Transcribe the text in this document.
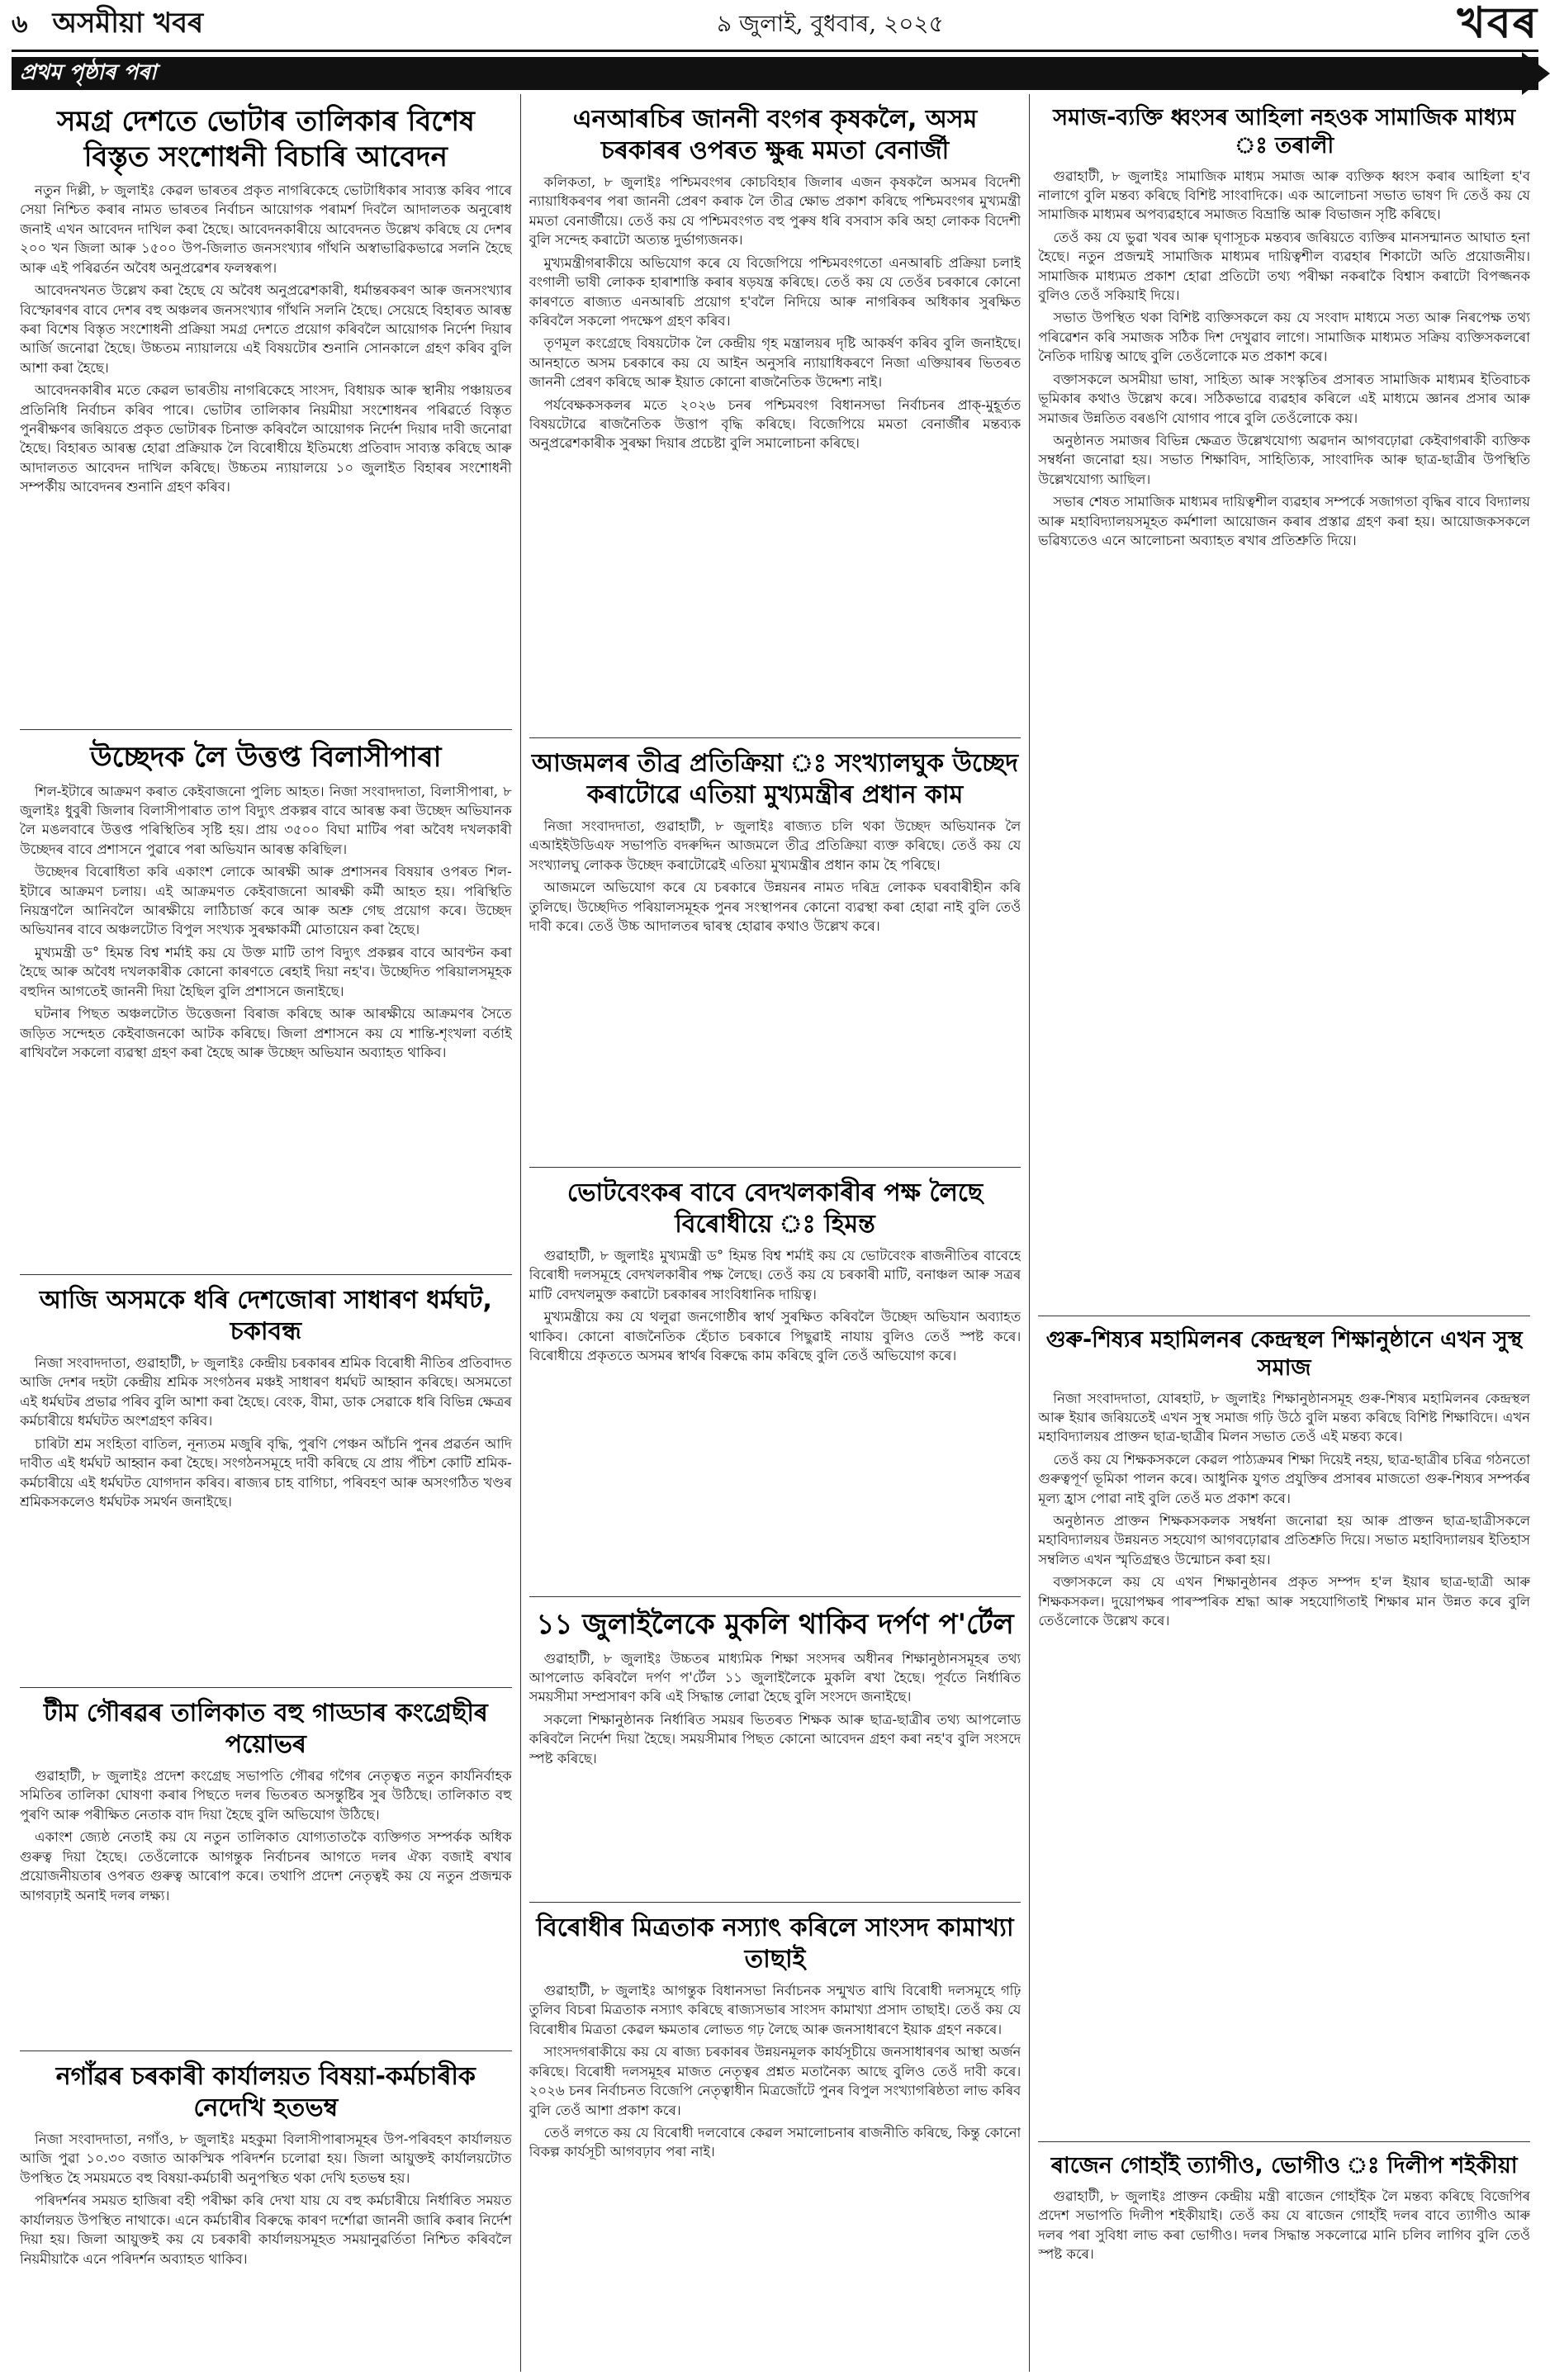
৬ অসমীয়া খবৰ	৯ জুলাই, বুধবাৰ, ২০২৫	খবৰ
প্ৰথম পৃষ্ঠাৰ পৰা
সমগ্ৰ দেশতে ভোটাৰ তালিকাৰ বিশেষ বিস্তৃত সংশোধনী বিচাৰি আবেদন

নতুন দিল্লী, ৮ জুলাইঃ কেৱল ভাৰতৰ প্ৰকৃত নাগৰিকেহে ভোটাধিকাৰ সাব্যস্ত কৰিব পাৰে সেয়া নিশ্চিত কৰাৰ নামত ভাৰতৰ নিৰ্বাচন আয়োগক পৰামৰ্শ দিবলৈ আদালতক অনুৰোধ জনাই এখন আবেদন দাখিল কৰা হৈছে। আবেদনকাৰীয়ে আবেদনত উল্লেখ কৰিছে যে দেশৰ ২০০ খন জিলা আৰু ১৫০০ উপ-জিলাত জনসংখ্যাৰ গাঁথনি অস্বাভাৱিকভাৱে সলনি হৈছে আৰু এই পৰিৱৰ্তন অবৈধ অনুপ্ৰৱেশৰ ফলস্বৰূপ।

আবেদনখনত উল্লেখ কৰা হৈছে যে অবৈধ অনুপ্ৰৱেশকাৰী, ধৰ্মান্তৰকৰণ আৰু জনসংখ্যাৰ বিস্ফোৰণৰ বাবে দেশৰ বহু অঞ্চলৰ জনসংখ্যাৰ গাঁথনি সলনি হৈছে। সেয়েহে বিহাৰত আৰম্ভ কৰা বিশেষ বিস্তৃত সংশোধনী প্ৰক্ৰিয়া সমগ্ৰ দেশতে প্ৰয়োগ কৰিবলৈ আয়োগক নিৰ্দেশ দিয়াৰ আৰ্জি জনোৱা হৈছে। উচ্চতম ন্যায়ালয়ে এই বিষয়টোৰ শুনানি সোনকালে গ্ৰহণ কৰিব বুলি আশা কৰা হৈছে।

আবেদনকাৰীৰ মতে কেৱল ভাৰতীয় নাগৰিকেহে সাংসদ, বিধায়ক আৰু স্থানীয় পঞ্চায়তৰ প্ৰতিনিধি নিৰ্বাচন কৰিব পাৰে। ভোটাৰ তালিকাৰ নিয়মীয়া সংশোধনৰ পৰিৱৰ্তে বিস্তৃত পুনৰীক্ষণৰ জৰিয়তে প্ৰকৃত ভোটাৰক চিনাক্ত কৰিবলৈ আয়োগক নিৰ্দেশ দিয়াৰ দাবী জনোৱা হৈছে। বিহাৰত আৰম্ভ হোৱা প্ৰক্ৰিয়াক লৈ বিৰোধীয়ে ইতিমধ্যে প্ৰতিবাদ সাব্যস্ত কৰিছে আৰু আদালতত আবেদন দাখিল কৰিছে। উচ্চতম ন্যায়ালয়ে ১০ জুলাইত বিহাৰৰ সংশোধনী সম্পৰ্কীয় আবেদনৰ শুনানি গ্ৰহণ কৰিব।

উচ্ছেদক লৈ উত্তপ্ত বিলাসীপাৰা

শিল-ইটাৰে আক্ৰমণ কৰাত কেইবাজনো পুলিচ আহত। নিজা সংবাদদাতা, বিলাসীপাৰা, ৮ জুলাইঃ ধুবুৰী জিলাৰ বিলাসীপাৰাত তাপ বিদ্যুৎ প্ৰকল্পৰ বাবে আৰম্ভ কৰা উচ্ছেদ অভিযানক লৈ মঙলবাৰে উত্তপ্ত পৰিস্থিতিৰ সৃষ্টি হয়। প্ৰায় ৩৫০০ বিঘা মাটিৰ পৰা অবৈধ দখলকাৰী উচ্ছেদৰ বাবে প্ৰশাসনে পুৱাৰে পৰা অভিযান আৰম্ভ কৰিছিল।

উচ্ছেদৰ বিৰোধিতা কৰি একাংশ লোকে আৰক্ষী আৰু প্ৰশাসনৰ বিষয়াৰ ওপৰত শিল-ইটাৰে আক্ৰমণ চলায়। এই আক্ৰমণত কেইবাজনো আৰক্ষী কৰ্মী আহত হয়। পৰিস্থিতি নিয়ন্ত্ৰণলৈ আনিবলৈ আৰক্ষীয়ে লাঠিচাৰ্জ কৰে আৰু অশ্ৰু গেছ প্ৰয়োগ কৰে। উচ্ছেদ অভিযানৰ বাবে অঞ্চলটোত বিপুল সংখ্যক সুৰক্ষাকৰ্মী মোতায়েন কৰা হৈছে।

মুখ্যমন্ত্ৰী ড° হিমন্ত বিশ্ব শৰ্মাই কয় যে উক্ত মাটি তাপ বিদ্যুৎ প্ৰকল্পৰ বাবে আবণ্টন কৰা হৈছে আৰু অবৈধ দখলকাৰীক কোনো কাৰণতে ৰেহাই দিয়া নহ'ব। উচ্ছেদিত পৰিয়ালসমূহক বহুদিন আগতেই জাননী দিয়া হৈছিল বুলি প্ৰশাসনে জনাইছে।

ঘটনাৰ পিছত অঞ্চলটোত উত্তেজনা বিৰাজ কৰিছে আৰু আৰক্ষীয়ে আক্ৰমণৰ সৈতে জড়িত সন্দেহত কেইবাজনকো আটক কৰিছে। জিলা প্ৰশাসনে কয় যে শান্তি-শৃংখলা বৰ্তাই ৰাখিবলৈ সকলো ব্যৱস্থা গ্ৰহণ কৰা হৈছে আৰু উচ্ছেদ অভিযান অব্যাহত থাকিব।

আজি অসমকে ধৰি দেশজোৰা সাধাৰণ ধৰ্মঘট, চকাবন্ধ

নিজা সংবাদদাতা, গুৱাহাটী, ৮ জুলাইঃ কেন্দ্ৰীয় চৰকাৰৰ শ্ৰমিক বিৰোধী নীতিৰ প্ৰতিবাদত আজি দেশৰ দহটা কেন্দ্ৰীয় শ্ৰমিক সংগঠনৰ মঞ্চই সাধাৰণ ধৰ্মঘট আহ্বান কৰিছে। অসমতো এই ধৰ্মঘটৰ প্ৰভাৱ পৰিব বুলি আশা কৰা হৈছে। বেংক, বীমা, ডাক সেৱাকে ধৰি বিভিন্ন ক্ষেত্ৰৰ কৰ্মচাৰীয়ে ধৰ্মঘটত অংশগ্ৰহণ কৰিব।

চাৰিটা শ্ৰম সংহিতা বাতিল, নূন্যতম মজুৰি বৃদ্ধি, পুৰণি পেঞ্চন আঁচনি পুনৰ প্ৰৱৰ্তন আদি দাবীত এই ধৰ্মঘট আহ্বান কৰা হৈছে। সংগঠনসমূহে দাবী কৰিছে যে প্ৰায় পঁচিশ কোটি শ্ৰমিক-কৰ্মচাৰীয়ে এই ধৰ্মঘটত যোগদান কৰিব। ৰাজ্যৰ চাহ বাগিচা, পৰিবহণ আৰু অসংগঠিত খণ্ডৰ শ্ৰমিকসকলেও ধৰ্মঘটক সমৰ্থন জনাইছে।

টীম গৌৰৱৰ তালিকাত বহু গাড্ডাৰ কংগ্ৰেছীৰ পয়োভৰ

গুৱাহাটী, ৮ জুলাইঃ প্ৰদেশ কংগ্ৰেছ সভাপতি গৌৰৱ গগৈৰ নেতৃত্বত নতুন কাৰ্যনিৰ্বাহক সমিতিৰ তালিকা ঘোষণা কৰাৰ পিছতে দলৰ ভিতৰত অসন্তুষ্টিৰ সুৰ উঠিছে। তালিকাত বহু পুৰণি আৰু পৰীক্ষিত নেতাক বাদ দিয়া হৈছে বুলি অভিযোগ উঠিছে।

একাংশ জ্যেষ্ঠ নেতাই কয় যে নতুন তালিকাত যোগ্যতাতকৈ ব্যক্তিগত সম্পৰ্কক অধিক গুৰুত্ব দিয়া হৈছে। তেওঁলোকে আগন্তুক নিৰ্বাচনৰ আগতে দলৰ ঐক্য বজাই ৰখাৰ প্ৰয়োজনীয়তাৰ ওপৰত গুৰুত্ব আৰোপ কৰে। তথাপি প্ৰদেশ নেতৃত্বই কয় যে নতুন প্ৰজন্মক আগবঢ়াই অনাই দলৰ লক্ষ্য।

নগাঁৱৰ চৰকাৰী কাৰ্যালয়ত বিষয়া-কৰ্মচাৰীক নেদেখি হতভম্ব

নিজা সংবাদদাতা, নগাঁও, ৮ জুলাইঃ মহকুমা বিলাসীপাৰাসমূহৰ উপ-পৰিবহণ কাৰ্যালয়ত আজি পুৱা ১০.৩০ বজাত আকস্মিক পৰিদৰ্শন চলোৱা হয়। জিলা আয়ুক্তই কাৰ্যালয়টোত উপস্থিত হৈ সময়মতে বহু বিষয়া-কৰ্মচাৰী অনুপস্থিত থকা দেখি হতভম্ব হয়।

পৰিদৰ্শনৰ সময়ত হাজিৰা বহী পৰীক্ষা কৰি দেখা যায় যে বহু কৰ্মচাৰীয়ে নিৰ্ধাৰিত সময়ত কাৰ্যালয়ত উপস্থিত নাথাকে। এনে কৰ্মচাৰীৰ বিৰুদ্ধে কাৰণ দৰ্শোৱা জাননী জাৰি কৰাৰ নিৰ্দেশ দিয়া হয়। জিলা আয়ুক্তই কয় যে চৰকাৰী কাৰ্যালয়সমূহত সময়ানুৱৰ্তিতা নিশ্চিত কৰিবলৈ নিয়মীয়াকৈ এনে পৰিদৰ্শন অব্যাহত থাকিব।

এনআৰচিৰ জাননী বংগৰ কৃষকলৈ, অসম চৰকাৰৰ ওপৰত ক্ষুব্ধ মমতা বেনাৰ্জী

কলিকতা, ৮ জুলাইঃ পশ্চিমবংগৰ কোচবিহাৰ জিলাৰ এজন কৃষকলৈ অসমৰ বিদেশী ন্যায়াধিকৰণৰ পৰা জাননী প্ৰেৰণ কৰাক লৈ তীব্ৰ ক্ষোভ প্ৰকাশ কৰিছে পশ্চিমবংগৰ মুখ্যমন্ত্ৰী মমতা বেনাৰ্জীয়ে। তেওঁ কয় যে পশ্চিমবংগত বহু পুৰুষ ধৰি বসবাস কৰি অহা লোকক বিদেশী বুলি সন্দেহ কৰাটো অত্যন্ত দুৰ্ভাগ্যজনক।

মুখ্যমন্ত্ৰীগৰাকীয়ে অভিযোগ কৰে যে বিজেপিয়ে পশ্চিমবংগতো এনআৰচি প্ৰক্ৰিয়া চলাই বংগালী ভাষী লোকক হাৰাশাস্তি কৰাৰ ষড়যন্ত্ৰ কৰিছে। তেওঁ কয় যে তেওঁৰ চৰকাৰে কোনো কাৰণতে ৰাজ্যত এনআৰচি প্ৰয়োগ হ'বলৈ নিদিয়ে আৰু নাগৰিকৰ অধিকাৰ সুৰক্ষিত কৰিবলৈ সকলো পদক্ষেপ গ্ৰহণ কৰিব।

তৃণমূল কংগ্ৰেছে বিষয়টোক লৈ কেন্দ্ৰীয় গৃহ মন্ত্ৰালয়ৰ দৃষ্টি আকৰ্ষণ কৰিব বুলি জনাইছে। আনহাতে অসম চৰকাৰে কয় যে আইন অনুসৰি ন্যায়াধিকৰণে নিজা এক্তিয়াৰৰ ভিতৰত জাননী প্ৰেৰণ কৰিছে আৰু ইয়াত কোনো ৰাজনৈতিক উদ্দেশ্য নাই।

পৰ্যবেক্ষকসকলৰ মতে ২০২৬ চনৰ পশ্চিমবংগ বিধানসভা নিৰ্বাচনৰ প্ৰাক্-মুহূৰ্তত বিষয়টোৱে ৰাজনৈতিক উত্তাপ বৃদ্ধি কৰিছে। বিজেপিয়ে মমতা বেনাৰ্জীৰ মন্তব্যক অনুপ্ৰৱেশকাৰীক সুৰক্ষা দিয়াৰ প্ৰচেষ্টা বুলি সমালোচনা কৰিছে।

আজমলৰ তীব্ৰ প্ৰতিক্ৰিয়া ঃ সংখ্যালঘুক উচ্ছেদ কৰাটোৱে এতিয়া মুখ্যমন্ত্ৰীৰ প্ৰধান কাম

নিজা সংবাদদাতা, গুৱাহাটী, ৮ জুলাইঃ ৰাজ্যত চলি থকা উচ্ছেদ অভিযানক লৈ এআইইউডিএফ সভাপতি বদৰুদ্দিন আজমলে তীব্ৰ প্ৰতিক্ৰিয়া ব্যক্ত কৰিছে। তেওঁ কয় যে সংখ্যালঘু লোকক উচ্ছেদ কৰাটোৱেই এতিয়া মুখ্যমন্ত্ৰীৰ প্ৰধান কাম হৈ পৰিছে।

আজমলে অভিযোগ কৰে যে চৰকাৰে উন্নয়নৰ নামত দৰিদ্ৰ লোকক ঘৰবাৰীহীন কৰি তুলিছে। উচ্ছেদিত পৰিয়ালসমূহক পুনৰ সংস্থাপনৰ কোনো ব্যৱস্থা কৰা হোৱা নাই বুলি তেওঁ দাবী কৰে। তেওঁ উচ্চ আদালতৰ দ্বাৰস্থ হোৱাৰ কথাও উল্লেখ কৰে।

ভোটবেংকৰ বাবে বেদখলকাৰীৰ পক্ষ লৈছে বিৰোধীয়ে ঃ হিমন্ত

গুৱাহাটী, ৮ জুলাইঃ মুখ্যমন্ত্ৰী ড° হিমন্ত বিশ্ব শৰ্মাই কয় যে ভোটবেংক ৰাজনীতিৰ বাবেহে বিৰোধী দলসমূহে বেদখলকাৰীৰ পক্ষ লৈছে। তেওঁ কয় যে চৰকাৰী মাটি, বনাঞ্চল আৰু সত্ৰৰ মাটি বেদখলমুক্ত কৰাটো চৰকাৰৰ সাংবিধানিক দায়িত্ব।

মুখ্যমন্ত্ৰীয়ে কয় যে থলুৱা জনগোষ্ঠীৰ স্বাৰ্থ সুৰক্ষিত কৰিবলৈ উচ্ছেদ অভিযান অব্যাহত থাকিব। কোনো ৰাজনৈতিক হেঁচাত চৰকাৰে পিছুৱাই নাযায় বুলিও তেওঁ স্পষ্ট কৰে। বিৰোধীয়ে প্ৰকৃততে অসমৰ স্বাৰ্থৰ বিৰুদ্ধে কাম কৰিছে বুলি তেওঁ অভিযোগ কৰে।

১১ জুলাইলৈকে মুকলি থাকিব দৰ্পণ প'ৰ্টেল

গুৱাহাটী, ৮ জুলাইঃ উচ্চতৰ মাধ্যমিক শিক্ষা সংসদৰ অধীনৰ শিক্ষানুষ্ঠানসমূহৰ তথ্য আপলোড কৰিবলৈ দৰ্পণ প'ৰ্টেল ১১ জুলাইলৈকে মুকলি ৰখা হৈছে। পূৰ্বতে নিৰ্ধাৰিত সময়সীমা সম্প্ৰসাৰণ কৰি এই সিদ্ধান্ত লোৱা হৈছে বুলি সংসদে জনাইছে।

সকলো শিক্ষানুষ্ঠানক নিৰ্ধাৰিত সময়ৰ ভিতৰত শিক্ষক আৰু ছাত্ৰ-ছাত্ৰীৰ তথ্য আপলোড কৰিবলৈ নিৰ্দেশ দিয়া হৈছে। সময়সীমাৰ পিছত কোনো আবেদন গ্ৰহণ কৰা নহ'ব বুলি সংসদে স্পষ্ট কৰিছে।

বিৰোধীৰ মিত্ৰতাক নস্যাৎ কৰিলে সাংসদ কামাখ্যা তাছাই

গুৱাহাটী, ৮ জুলাইঃ আগন্তুক বিধানসভা নিৰ্বাচনক সন্মুখত ৰাখি বিৰোধী দলসমূহে গঢ়ি তুলিব বিচৰা মিত্ৰতাক নস্যাৎ কৰিছে ৰাজ্যসভাৰ সাংসদ কামাখ্যা প্ৰসাদ তাছাই। তেওঁ কয় যে বিৰোধীৰ মিত্ৰতা কেৱল ক্ষমতাৰ লোভত গঢ় লৈছে আৰু জনসাধাৰণে ইয়াক গ্ৰহণ নকৰে।

সাংসদগৰাকীয়ে কয় যে ৰাজ্য চৰকাৰৰ উন্নয়নমূলক কাৰ্যসূচীয়ে জনসাধাৰণৰ আস্থা অৰ্জন কৰিছে। বিৰোধী দলসমূহৰ মাজত নেতৃত্বৰ প্ৰশ্নত মতানৈক্য আছে বুলিও তেওঁ দাবী কৰে। ২০২৬ চনৰ নিৰ্বাচনত বিজেপি নেতৃত্বাধীন মিত্ৰজোঁটে পুনৰ বিপুল সংখ্যাগৰিষ্ঠতা লাভ কৰিব বুলি তেওঁ আশা প্ৰকাশ কৰে।

তেওঁ লগতে কয় যে বিৰোধী দলবোৰে কেৱল সমালোচনাৰ ৰাজনীতি কৰিছে, কিন্তু কোনো বিকল্প কাৰ্যসূচী আগবঢ়াব পৰা নাই।

সমাজ-ব্যক্তি ধ্বংসৰ আহিলা নহওক সামাজিক মাধ্যম ঃ তৰালী

গুৱাহাটী, ৮ জুলাইঃ সামাজিক মাধ্যম সমাজ আৰু ব্যক্তিক ধ্বংস কৰাৰ আহিলা হ'ব নালাগে বুলি মন্তব্য কৰিছে বিশিষ্ট সাংবাদিকে। এক আলোচনা সভাত ভাষণ দি তেওঁ কয় যে সামাজিক মাধ্যমৰ অপব্যৱহাৰে সমাজত বিভ্ৰান্তি আৰু বিভাজন সৃষ্টি কৰিছে।

তেওঁ কয় যে ভুৱা খবৰ আৰু ঘৃণাসূচক মন্তব্যৰ জৰিয়তে ব্যক্তিৰ মানসন্মানত আঘাত হনা হৈছে। নতুন প্ৰজন্মই সামাজিক মাধ্যমৰ দায়িত্বশীল ব্যৱহাৰ শিকাটো অতি প্ৰয়োজনীয়। সামাজিক মাধ্যমত প্ৰকাশ হোৱা প্ৰতিটো তথ্য পৰীক্ষা নকৰাকৈ বিশ্বাস কৰাটো বিপজ্জনক বুলিও তেওঁ সকিয়াই দিয়ে।

সভাত উপস্থিত থকা বিশিষ্ট ব্যক্তিসকলে কয় যে সংবাদ মাধ্যমে সত্য আৰু নিৰপেক্ষ তথ্য পৰিৱেশন কৰি সমাজক সঠিক দিশ দেখুৱাব লাগে। সামাজিক মাধ্যমত সক্ৰিয় ব্যক্তিসকলৰো নৈতিক দায়িত্ব আছে বুলি তেওঁলোকে মত প্ৰকাশ কৰে।

বক্তাসকলে অসমীয়া ভাষা, সাহিত্য আৰু সংস্কৃতিৰ প্ৰসাৰত সামাজিক মাধ্যমৰ ইতিবাচক ভূমিকাৰ কথাও উল্লেখ কৰে। সঠিকভাৱে ব্যৱহাৰ কৰিলে এই মাধ্যমে জ্ঞানৰ প্ৰসাৰ আৰু সমাজৰ উন্নতিত বৰঙণি যোগাব পাৰে বুলি তেওঁলোকে কয়।

অনুষ্ঠানত সমাজৰ বিভিন্ন ক্ষেত্ৰত উল্লেখযোগ্য অৱদান আগবঢ়োৱা কেইবাগৰাকী ব্যক্তিক সম্বৰ্ধনা জনোৱা হয়। সভাত শিক্ষাবিদ, সাহিত্যিক, সাংবাদিক আৰু ছাত্ৰ-ছাত্ৰীৰ উপস্থিতি উল্লেখযোগ্য আছিল।

সভাৰ শেষত সামাজিক মাধ্যমৰ দায়িত্বশীল ব্যৱহাৰ সম্পৰ্কে সজাগতা বৃদ্ধিৰ বাবে বিদ্যালয় আৰু মহাবিদ্যালয়সমূহত কৰ্মশালা আয়োজন কৰাৰ প্ৰস্তাৱ গ্ৰহণ কৰা হয়। আয়োজকসকলে ভৱিষ্যতেও এনে আলোচনা অব্যাহত ৰখাৰ প্ৰতিশ্ৰুতি দিয়ে।

গুৰু-শিষ্যৰ মহামিলনৰ কেন্দ্ৰস্থল শিক্ষানুষ্ঠানে এখন সুস্থ সমাজ

নিজা সংবাদদাতা, যোৰহাট, ৮ জুলাইঃ শিক্ষানুষ্ঠানসমূহ গুৰু-শিষ্যৰ মহামিলনৰ কেন্দ্ৰস্থল আৰু ইয়াৰ জৰিয়তেই এখন সুস্থ সমাজ গঢ়ি উঠে বুলি মন্তব্য কৰিছে বিশিষ্ট শিক্ষাবিদে। এখন মহাবিদ্যালয়ৰ প্ৰাক্তন ছাত্ৰ-ছাত্ৰীৰ মিলন সভাত তেওঁ এই মন্তব্য কৰে।

তেওঁ কয় যে শিক্ষকসকলে কেৱল পাঠ্যক্ৰমৰ শিক্ষা দিয়েই নহয়, ছাত্ৰ-ছাত্ৰীৰ চৰিত্ৰ গঠনতো গুৰুত্বপূৰ্ণ ভূমিকা পালন কৰে। আধুনিক যুগত প্ৰযুক্তিৰ প্ৰসাৰৰ মাজতো গুৰু-শিষ্যৰ সম্পৰ্কৰ মূল্য হ্ৰাস পোৱা নাই বুলি তেওঁ মত প্ৰকাশ কৰে।

অনুষ্ঠানত প্ৰাক্তন শিক্ষকসকলক সম্বৰ্ধনা জনোৱা হয় আৰু প্ৰাক্তন ছাত্ৰ-ছাত্ৰীসকলে মহাবিদ্যালয়ৰ উন্নয়নত সহযোগ আগবঢ়োৱাৰ প্ৰতিশ্ৰুতি দিয়ে। সভাত মহাবিদ্যালয়ৰ ইতিহাস সম্বলিত এখন স্মৃতিগ্ৰন্থও উন্মোচন কৰা হয়।

বক্তাসকলে কয় যে এখন শিক্ষানুষ্ঠানৰ প্ৰকৃত সম্পদ হ'ল ইয়াৰ ছাত্ৰ-ছাত্ৰী আৰু শিক্ষকসকল। দুয়োপক্ষৰ পাৰস্পৰিক শ্ৰদ্ধা আৰু সহযোগিতাই শিক্ষাৰ মান উন্নত কৰে বুলি তেওঁলোকে উল্লেখ কৰে।

ৰাজেন গোহাঁই ত্যাগীও, ভোগীও ঃ দিলীপ শইকীয়া

গুৱাহাটী, ৮ জুলাইঃ প্ৰাক্তন কেন্দ্ৰীয় মন্ত্ৰী ৰাজেন গোহাঁইক লৈ মন্তব্য কৰিছে বিজেপিৰ প্ৰদেশ সভাপতি দিলীপ শইকীয়াই। তেওঁ কয় যে ৰাজেন গোহাঁই দলৰ বাবে ত্যাগীও আৰু দলৰ পৰা সুবিধা লাভ কৰা ভোগীও। দলৰ সিদ্ধান্ত সকলোৱে মানি চলিব লাগিব বুলি তেওঁ স্পষ্ট কৰে।
